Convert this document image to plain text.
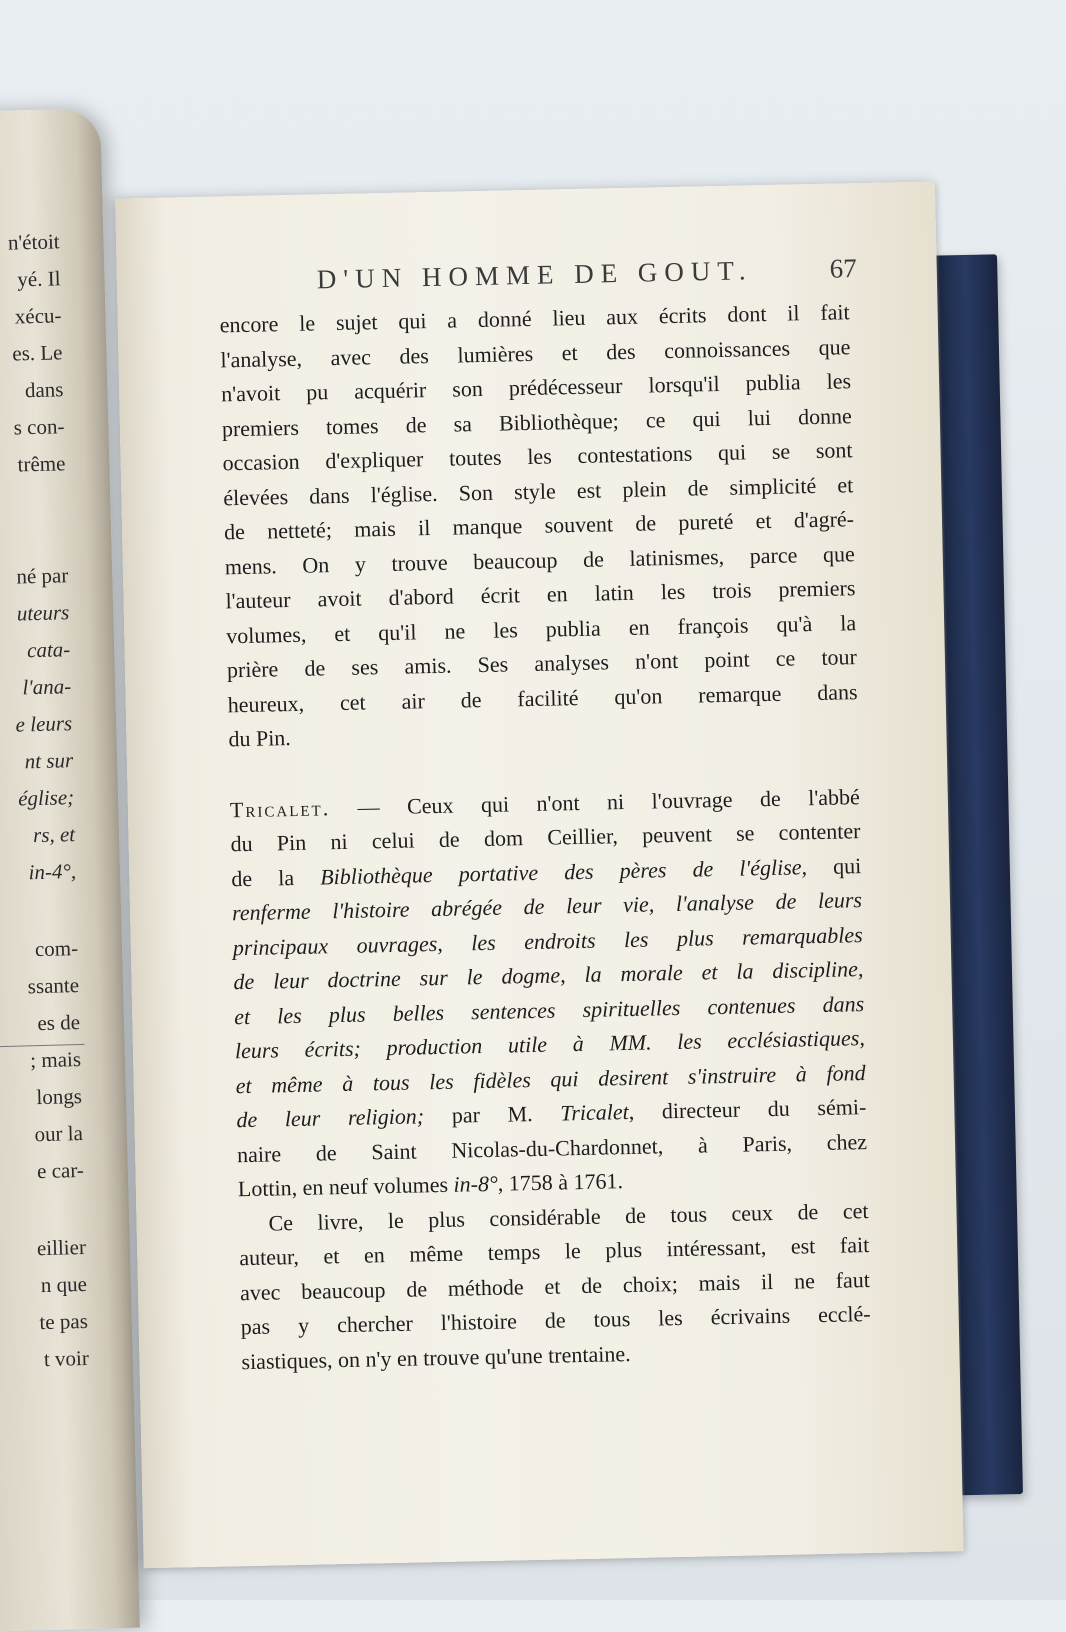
n'étoit
yé. Il
xécu-
es. Le
dans
s con-
trême
né par
uteurs
cata-
l'ana-
e leurs
nt sur
église;
rs, et
in-4°,
com-
ssante
es de
; mais
longs
our la
e car-
eillier
n que
te pas
t voir
D'UN HOMME DE GOUT.	67
encore le sujet qui a donné lieu aux écrits dont il fait
l'analyse, avec des lumières et des connoissances que
n'avoit pu acquérir son prédécesseur lorsqu'il publia les
premiers tomes de sa Bibliothèque; ce qui lui donne
occasion d'expliquer toutes les contestations qui se sont
élevées dans l'église. Son style est plein de simplicité et
de netteté; mais il manque souvent de pureté et d'agré-
mens. On y trouve beaucoup de latinismes, parce que
l'auteur avoit d'abord écrit en latin les trois premiers
volumes, et qu'il ne les publia en françois qu'à la
prière de ses amis. Ses analyses n'ont point ce tour
heureux, cet air de facilité qu'on remarque dans
du Pin.
Tricalet. — Ceux qui n'ont ni l'ouvrage de l'abbé
du Pin ni celui de dom Ceillier, peuvent se contenter
de la Bibliothèque portative des pères de l'église, qui
renferme l'histoire abrégée de leur vie, l'analyse de leurs
principaux ouvrages, les endroits les plus remarquables
de leur doctrine sur le dogme, la morale et la discipline,
et les plus belles sentences spirituelles contenues dans
leurs écrits; production utile à MM. les ecclésiastiques,
et même à tous les fidèles qui desirent s'instruire à fond
de leur religion; par M. Tricalet, directeur du sémi-
naire de Saint Nicolas-du-Chardonnet, à Paris, chez
Lottin, en neuf volumes in-8°, 1758 à 1761.
Ce livre, le plus considérable de tous ceux de cet
auteur, et en même temps le plus intéressant, est fait
avec beaucoup de méthode et de choix; mais il ne faut
pas y chercher l'histoire de tous les écrivains ecclé-
siastiques, on n'y en trouve qu'une trentaine.
